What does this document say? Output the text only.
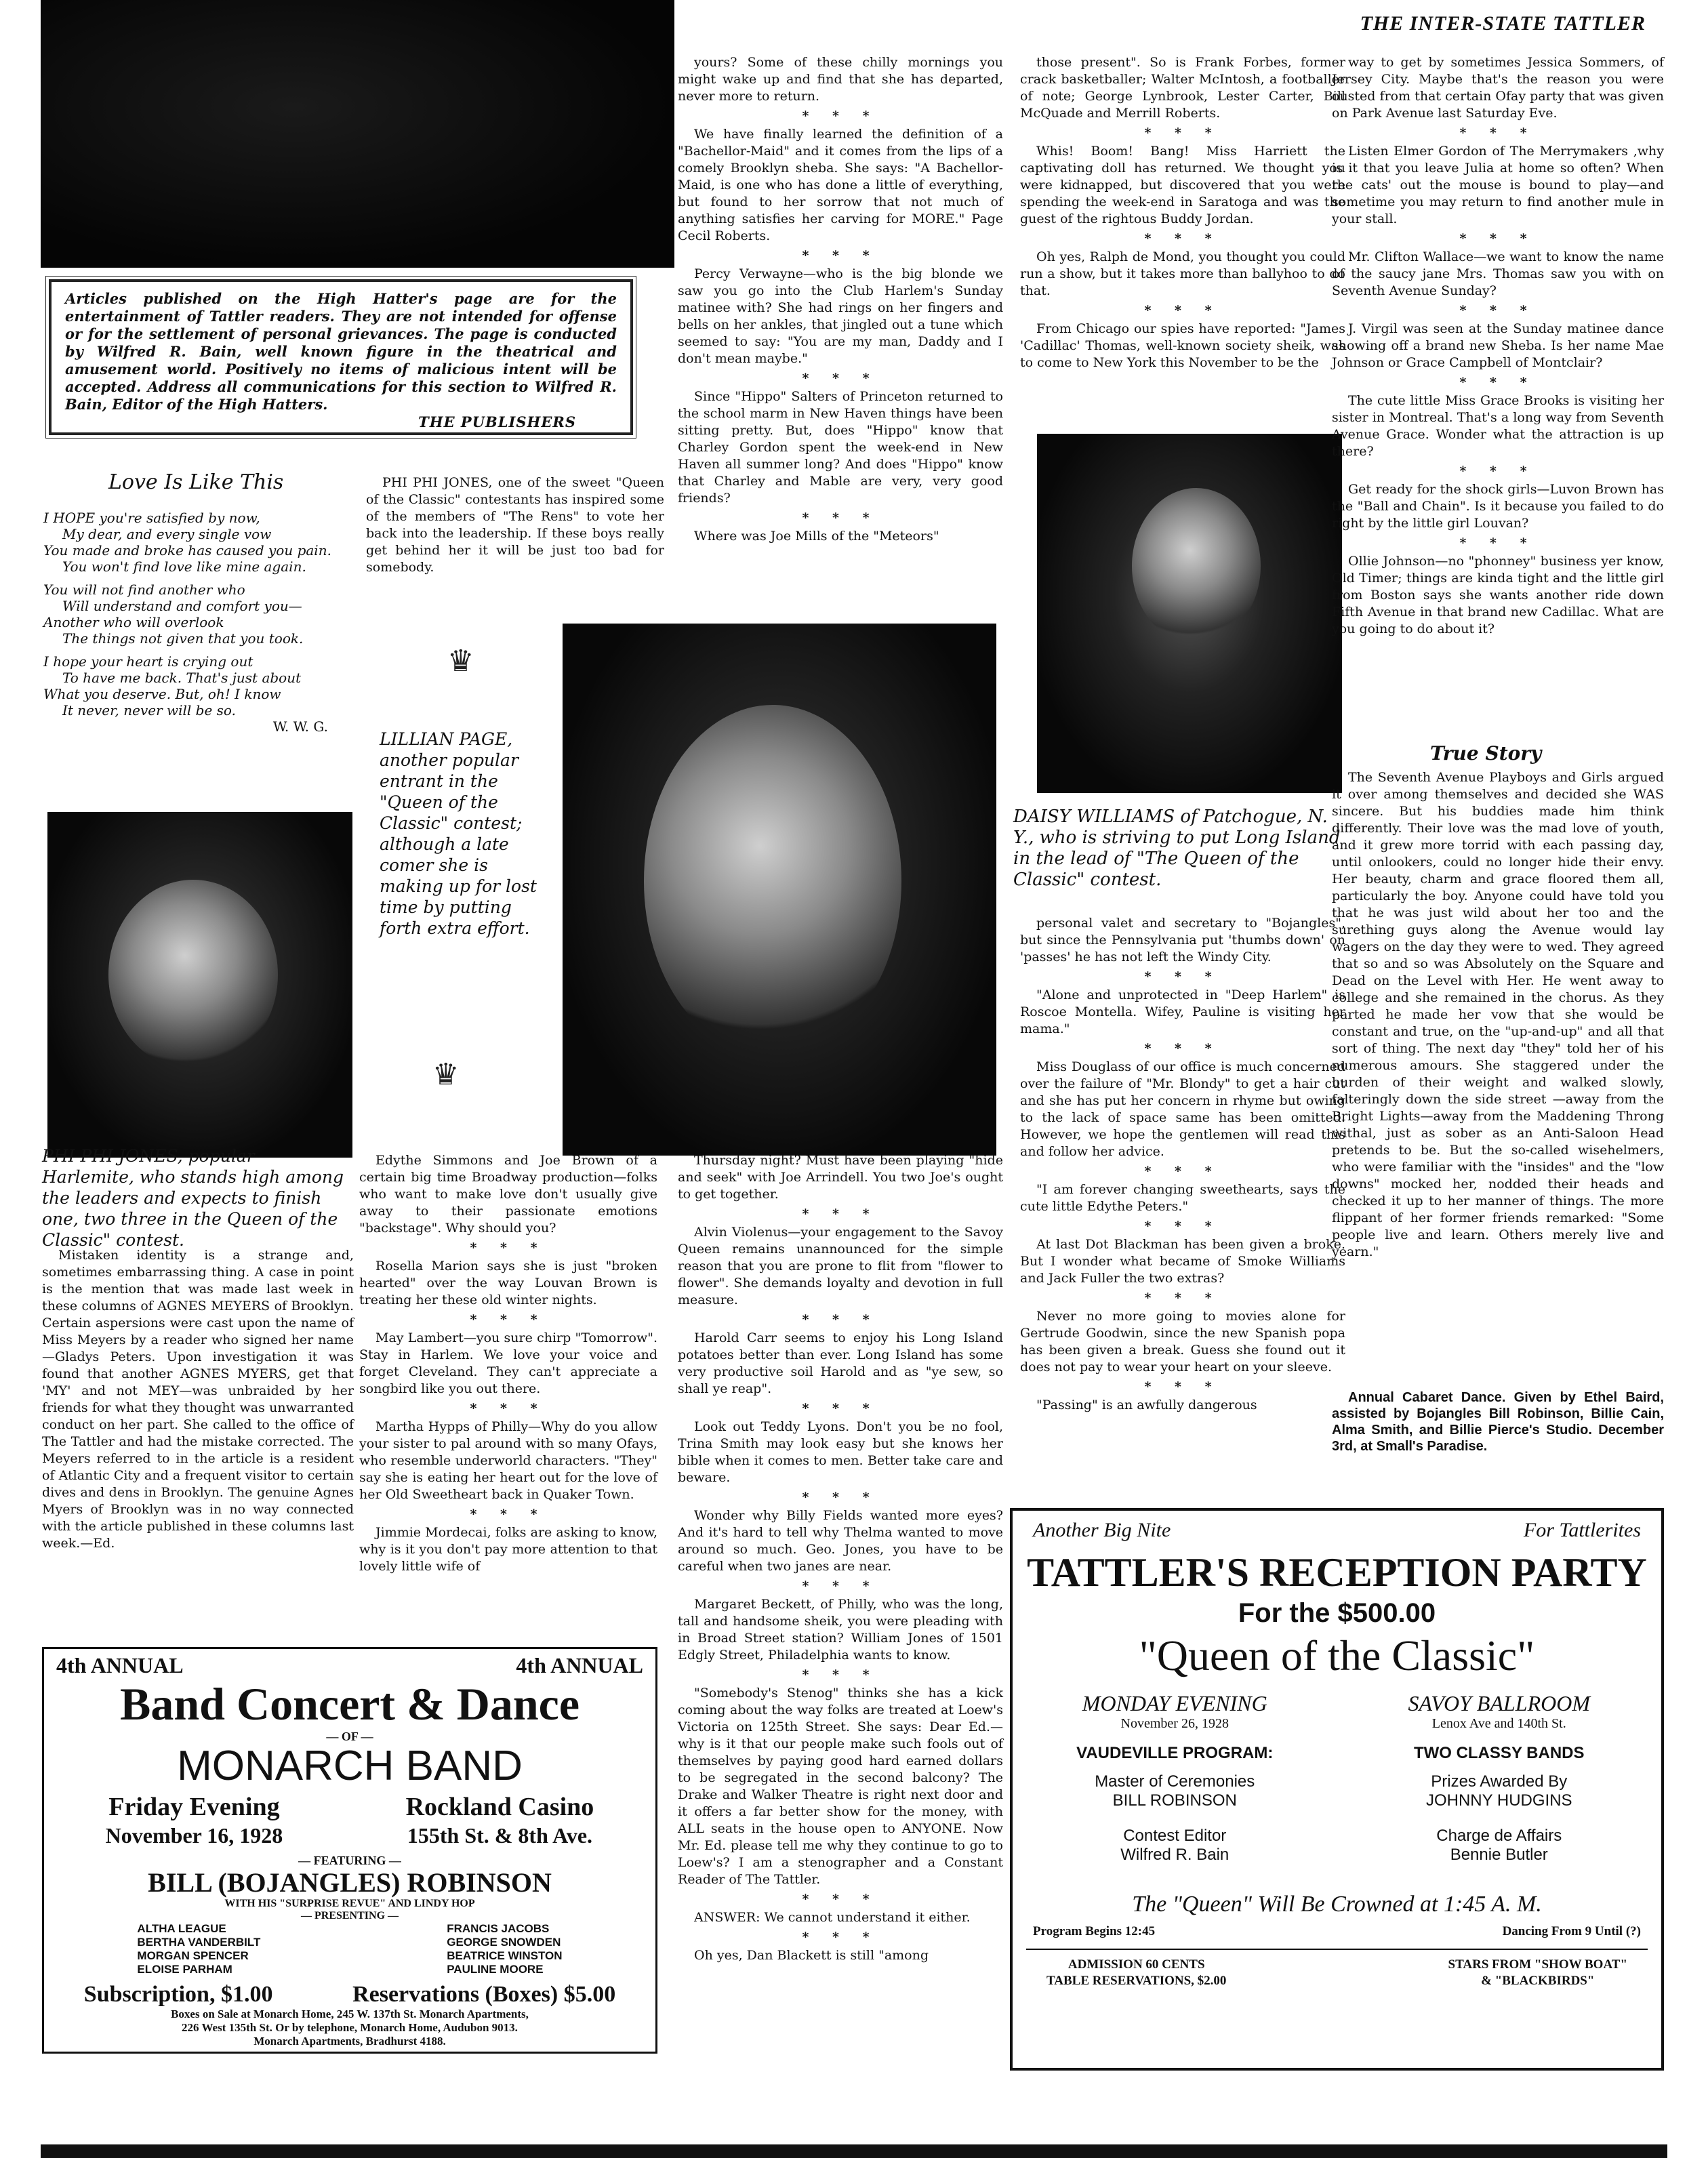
THE INTER-STATE TATTLER
Articles published on the High Hatter's page are for the entertainment of Tattler readers. They are not intended for offense or for the settlement of personal grievances. The page is conducted by Wilfred R. Bain, well known figure in the theatrical and amusement world. Positively no items of malicious intent will be accepted. Address all communications for this section to Wilfred R. Bain, Editor of the High Hatters.
THE PUBLISHERS
Love Is Like This
I HOPE you're satisfied by now,
My dear, and every single vow
You made and broke has caused you pain.
You won't find love like mine again.
You will not find another who
Will understand and comfort you—
Another who will overlook
The things not given that you took.
I hope your heart is crying out
To have me back. That's just about
What you deserve. But, oh! I know
It never, never will be so.
W. W. G.

PHI PHI JONES, one of the sweet "Queen of the Classic" contestants has inspired some of the members of "The Rens" to vote her back into the leadership. If these boys really get behind her it will be just too bad for somebody.

♛
♛
LILLIAN PAGE, another popular entrant in the "Queen of the Classic" contest; although a late comer she is making up for lost time by putting forth extra effort.
DAISY WILLIAMS of Patchogue, N. Y., who is striving to put Long Island in the lead of "The Queen of the Classic" contest.
PHI PHI JONES, popular Harlemite, who stands high among the leaders and expects to finish one, two three in the Queen of the Classic" contest.

Mistaken identity is a strange and, sometimes embarrassing thing. A case in point is the mention that was made last week in these columns of AGNES MEYERS of Brooklyn. Certain aspersions were cast upon the name of Miss Meyers by a reader who signed her name—Gladys Peters. Upon investigation it was found that another AGNES MYERS, get that 'MY' and not MEY—was unbraided by her friends for what they thought was unwarranted conduct on her part. She called to the office of The Tattler and had the mistake corrected. The Meyers referred to in the article is a resident of Atlantic City and a frequent visitor to certain dives and dens in Brooklyn. The genuine Agnes Myers of Brooklyn was in no way connected with the article published in these columns last week.—Ed.

Edythe Simmons and Joe Brown of a certain big time Broadway production—folks who want to make love don't usually give away to their passionate emotions "backstage". Why should you?

* * *

Rosella Marion says she is just "broken hearted" over the way Louvan Brown is treating her these old winter nights.

* * *

May Lambert—you sure chirp "Tomorrow". Stay in Harlem. We love your voice and forget Cleveland. They can't appreciate a songbird like you out there.

* * *

Martha Hypps of Philly—Why do you allow your sister to pal around with so many Ofays, who resemble underworld characters. "They" say she is eating her heart out for the love of her Old Sweetheart back in Quaker Town.

* * *

Jimmie Mordecai, folks are asking to know, why is it you don't pay more attention to that lovely little wife of

yours? Some of these chilly mornings you might wake up and find that she has departed, never more to return.

* * *

We have finally learned the definition of a "Bachellor-Maid" and it comes from the lips of a comely Brooklyn sheba. She says: "A Bachellor-Maid, is one who has done a little of everything, but found to her sorrow that not much of anything satisfies her carving for MORE." Page Cecil Roberts.

* * *

Percy Verwayne—who is the big blonde we saw you go into the Club Harlem's Sunday matinee with? She had rings on her fingers and bells on her ankles, that jingled out a tune which seemed to say: "You are my man, Daddy and I don't mean maybe."

* * *

Since "Hippo" Salters of Princeton returned to the school marm in New Haven things have been sitting pretty. But, does "Hippo" know that Charley Gordon spent the week-end in New Haven all summer long? And does "Hippo" know that Charley and Mable are very, very good friends?

* * *

Where was Joe Mills of the "Meteors"

Thursday night? Must have been playing "hide and seek" with Joe Arrindell. You two Joe's ought to get together.

* * *

Alvin Violenus—your engagement to the Savoy Queen remains unannounced for the simple reason that you are prone to flit from "flower to flower". She demands loyalty and devotion in full measure.

* * *

Harold Carr seems to enjoy his Long Island potatoes better than ever. Long Island has some very productive soil Harold and as "ye sew, so shall ye reap".

* * *

Look out Teddy Lyons. Don't you be no fool, Trina Smith may look easy but she knows her bible when it comes to men. Better take care and beware.

* * *

Wonder why Billy Fields wanted more eyes? And it's hard to tell why Thelma wanted to move around so much. Geo. Jones, you have to be careful when two janes are near.

* * *

Margaret Beckett, of Philly, who was the long, tall and handsome sheik, you were pleading with in Broad Street station? William Jones of 1501 Edgly Street, Philadelphia wants to know.

* * *

"Somebody's Stenog" thinks she has a kick coming about the way folks are treated at Loew's Victoria on 125th Street. She says: Dear Ed.—why is it that our people make such fools out of themselves by paying good hard earned dollars to be segregated in the second balcony? The Drake and Walker Theatre is right next door and it offers a far better show for the money, with ALL seats in the house open to ANYONE. Now Mr. Ed. please tell me why they continue to go to Loew's? I am a stenographer and a Constant Reader of The Tattler.

* * *

ANSWER: We cannot understand it either.

* * *

Oh yes, Dan Blackett is still "among

those present". So is Frank Forbes, former crack basketballer; Walter McIntosh, a footballer of note; George Lynbrook, Lester Carter, Bill McQuade and Merrill Roberts.

* * *

Whis! Boom! Bang! Miss Harriett the captivating doll has returned. We thought you were kidnapped, but discovered that you were spending the week-end in Saratoga and was the guest of the rightous Buddy Jordan.

* * *

Oh yes, Ralph de Mond, you thought you could run a show, but it takes more than ballyhoo to do that.

* * *

From Chicago our spies have reported: "James 'Cadillac' Thomas, well-known society sheik, was to come to New York this November to be the

personal valet and secretary to "Bojangles", but since the Pennsylvania put 'thumbs down' on 'passes' he has not left the Windy City.

* * *

"Alone and unprotected in "Deep Harlem" is Roscoe Montella. Wifey, Pauline is visiting her mama."

* * *

Miss Douglass of our office is much concerned over the failure of "Mr. Blondy" to get a hair cut and she has put her concern in rhyme but owing to the lack of space same has been omitted. However, we hope the gentlemen will read this and follow her advice.

* * *

"I am forever changing sweethearts, says the cute little Edythe Peters."

* * *

At last Dot Blackman has been given a broke. But I wonder what became of Smoke Williams and Jack Fuller the two extras?

* * *

Never no more going to movies alone for Gertrude Goodwin, since the new Spanish popa has been given a break. Guess she found out it does not pay to wear your heart on your sleeve.

* * *

"Passing" is an awfully dangerous

way to get by sometimes Jessica Sommers, of Jersey City. Maybe that's the reason you were ousted from that certain Ofay party that was given on Park Avenue last Saturday Eve.

* * *

Listen Elmer Gordon of The Merrymakers ,why is it that you leave Julia at home so often? When the cats' out the mouse is bound to play—and sometime you may return to find another mule in your stall.

* * *

Mr. Clifton Wallace—we want to know the name of the saucy jane Mrs. Thomas saw you with on Seventh Avenue Sunday?

* * *

J. Virgil was seen at the Sunday matinee dance showing off a brand new Sheba. Is her name Mae Johnson or Grace Campbell of Montclair?

* * *

The cute little Miss Grace Brooks is visiting her sister in Montreal. That's a long way from Seventh Avenue Grace. Wonder what the attraction is up there?

* * *

Get ready for the shock girls—Luvon Brown has the "Ball and Chain". Is it because you failed to do right by the little girl Louvan?

* * *

Ollie Johnson—no "phonney" business yer know, Old Timer; things are kinda tight and the little girl from Boston says she wants another ride down Fifth Avenue in that brand new Cadillac. What are you going to do about it?

True Story

The Seventh Avenue Playboys and Girls argued it over among themselves and decided she WAS sincere. But his buddies made him think differently. Their love was the mad love of youth, and it grew more torrid with each passing day, until onlookers, could no longer hide their envy. Her beauty, charm and grace floored them all, particularly the boy. Anyone could have told you that he was just wild about her too and the surething guys along the Avenue would lay wagers on the day they were to wed. They agreed that so and so was Absolutely on the Square and Dead on the Level with Her. He went away to college and she remained in the chorus. As they parted he made her vow that she would be constant and true, on the "up-and-up" and all that sort of thing. The next day "they" told her of his numerous amours. She staggered under the burden of their weight and walked slowly, falteringly down the side street —away from the Bright Lights—away from the Maddening Throng withal, just as sober as an Anti-Saloon Head pretends to be. But the so-called wisehelmers, who were familiar with the "insides" and the "low downs" mocked her, nodded their heads and checked it up to her manner of things. The more flippant of her former friends remarked: "Some people live and learn. Others merely live and yearn."

Annual Cabaret Dance. Given by Ethel Baird, assisted by Bojangles Bill Robinson, Billie Cain, Alma Smith, and Billie Pierce's Studio. December 3rd, at Small's Paradise.

4th ANNUAL	4th ANNUAL
Band Concert & Dance
— OF —
MONARCH BAND
Friday Evening
November 16, 1928
Rockland Casino
155th St. & 8th Ave.
— FEATURING —
BILL (BOJANGLES) ROBINSON
WITH HIS "SURPRISE REVUE" AND LINDY HOP
— PRESENTING —
ALTHA LEAGUE
BERTHA VANDERBILT
MORGAN SPENCER
ELOISE PARHAM
FRANCIS JACOBS
GEORGE SNOWDEN
BEATRICE WINSTON
PAULINE MOORE
Subscription, $1.00	Reservations (Boxes) $5.00
Boxes on Sale at Monarch Home, 245 W. 137th St. Monarch Apartments,
226 West 135th St. Or by telephone, Monarch Home, Audubon 9013.
Monarch Apartments, Bradhurst 4188.
Another Big Nite	For Tattlerites
TATTLER'S RECEPTION PARTY
For the $500.00
"Queen of the Classic"
MONDAY EVENING
November 26, 1928
VAUDEVILLE PROGRAM:
Master of Ceremonies
BILL ROBINSON
Contest Editor
Wilfred R. Bain
SAVOY BALLROOM
Lenox Ave and 140th St.
TWO CLASSY BANDS
Prizes Awarded By
JOHNNY HUDGINS
Charge de Affairs
Bennie Butler
The "Queen" Will Be Crowned at 1:45 A. M.
Program Begins 12:45	Dancing From 9 Until (?)
ADMISSION 60 CENTS
TABLE RESERVATIONS, $2.00
STARS FROM "SHOW BOAT"
& "BLACKBIRDS"
